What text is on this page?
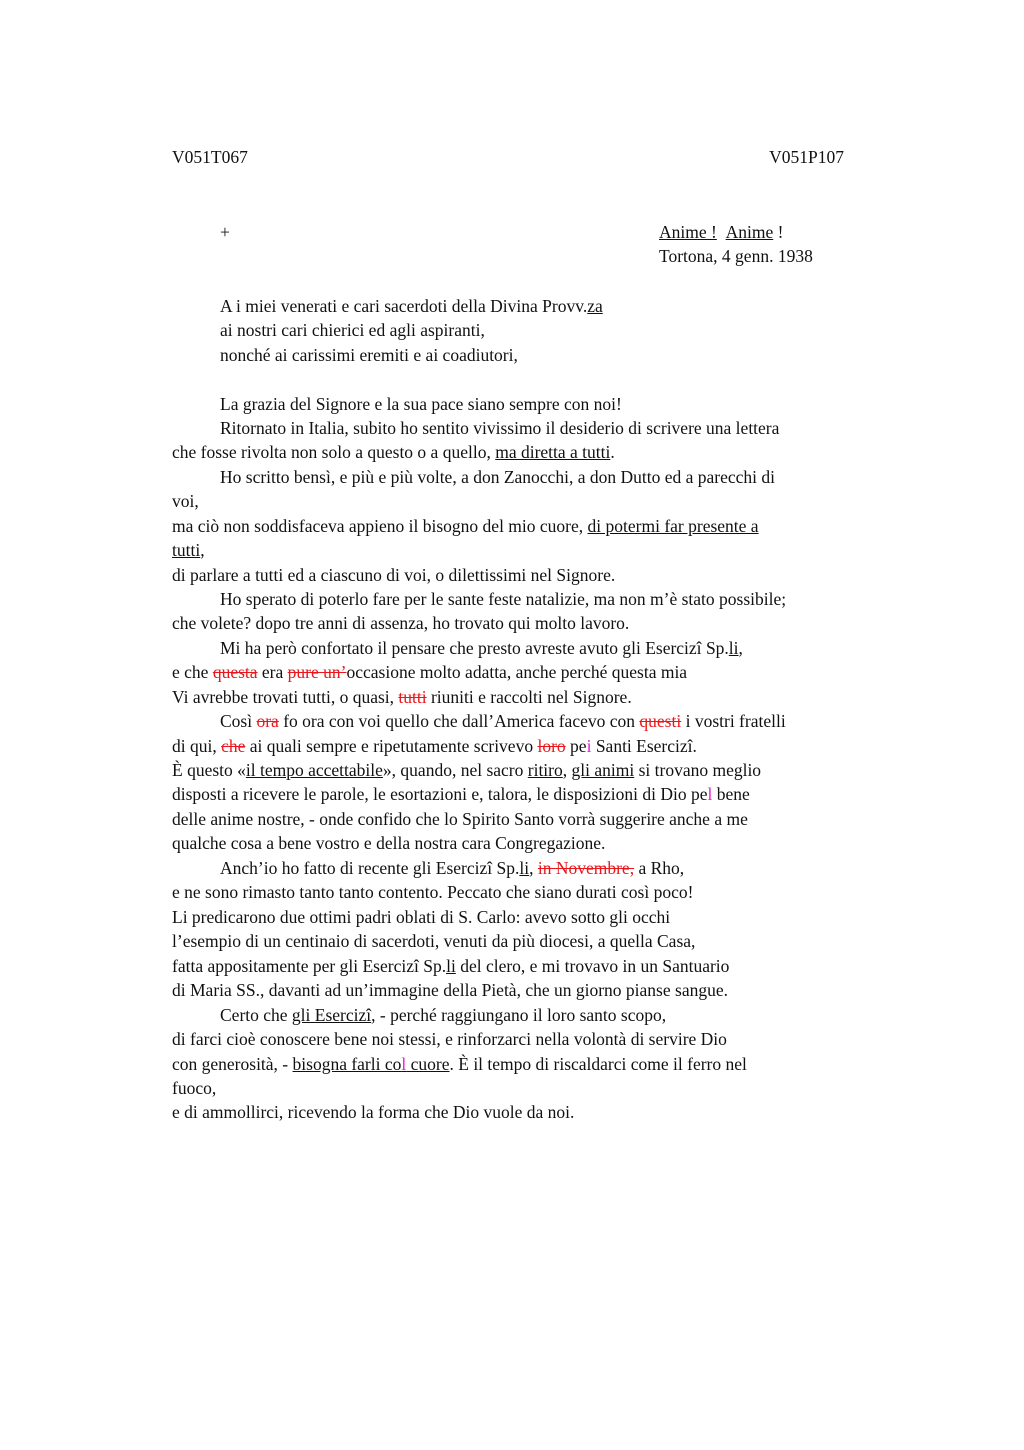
V051T067	V051P107
+	Anime ! Anime !
Tortona, 4 genn. 1938
A i miei venerati e cari sacerdoti della Divina Provv.za
ai nostri cari chierici ed agli aspiranti,
nonché ai carissimi eremiti e ai coadiutori,
La grazia del Signore e la sua pace siano sempre con noi!
Ritornato in Italia, subito ho sentito vivissimo il desiderio di scrivere una lettera
che fosse rivolta non solo a questo o a quello, ma diretta a tutti.
Ho scritto bensì, e più e più volte, a don Zanocchi, a don Dutto ed a parecchi di
voi,
ma ciò non soddisfaceva appieno il bisogno del mio cuore, di potermi far presente a
tutti,
di parlare a tutti ed a ciascuno di voi, o dilettissimi nel Signore.
Ho sperato di poterlo fare per le sante feste natalizie, ma non m’è stato possibile;
che volete? dopo tre anni di assenza, ho trovato qui molto lavoro.
Mi ha però confortato il pensare che presto avreste avuto gli Esercizi Sp.li,
e che questa era pure un’occasione molto adatta, anche perché questa mia
Vi avrebbe trovati tutti, o quasi, tutti riuniti e raccolti nel Signore.
Così ora fo ora con voi quello che dall’America facevo con questi i vostri fratelli
di qui, che ai quali sempre e ripetutamente scrivevo loro pei Santi Esercizi.
È questo «il tempo accettabile», quando, nel sacro ritiro, gli animi si trovano meglio
disposti a ricevere le parole, le esortazioni e, talora, le disposizioni di Dio pel bene
delle anime nostre, - onde confido che lo Spirito Santo vorrà suggerire anche a me
qualche cosa a bene vostro e della nostra cara Congregazione.
Anch’io ho fatto di recente gli Esercizi Sp.li, in Novembre, a Rho,
e ne sono rimasto tanto tanto contento. Peccato che siano durati così poco!
Li predicarono due ottimi padri oblati di S. Carlo: avevo sotto gli occhi
l’esempio di un centinaio di sacerdoti, venuti da più diocesi, a quella Casa,
fatta appositamente per gli Esercizi Sp.li del clero, e mi trovavo in un Santuario
di Maria SS., davanti ad un’immagine della Pietà, che un giorno pianse sangue.
Certo che gli Esercizi, - perché raggiungano il loro santo scopo,
di farci cioè conoscere bene noi stessi, e rinforzarci nella volontà di servire Dio
con generosità, - bisogna farli col cuore. È il tempo di riscaldarci come il ferro nel
fuoco,
e di ammollirci, ricevendo la forma che Dio vuole da noi.
